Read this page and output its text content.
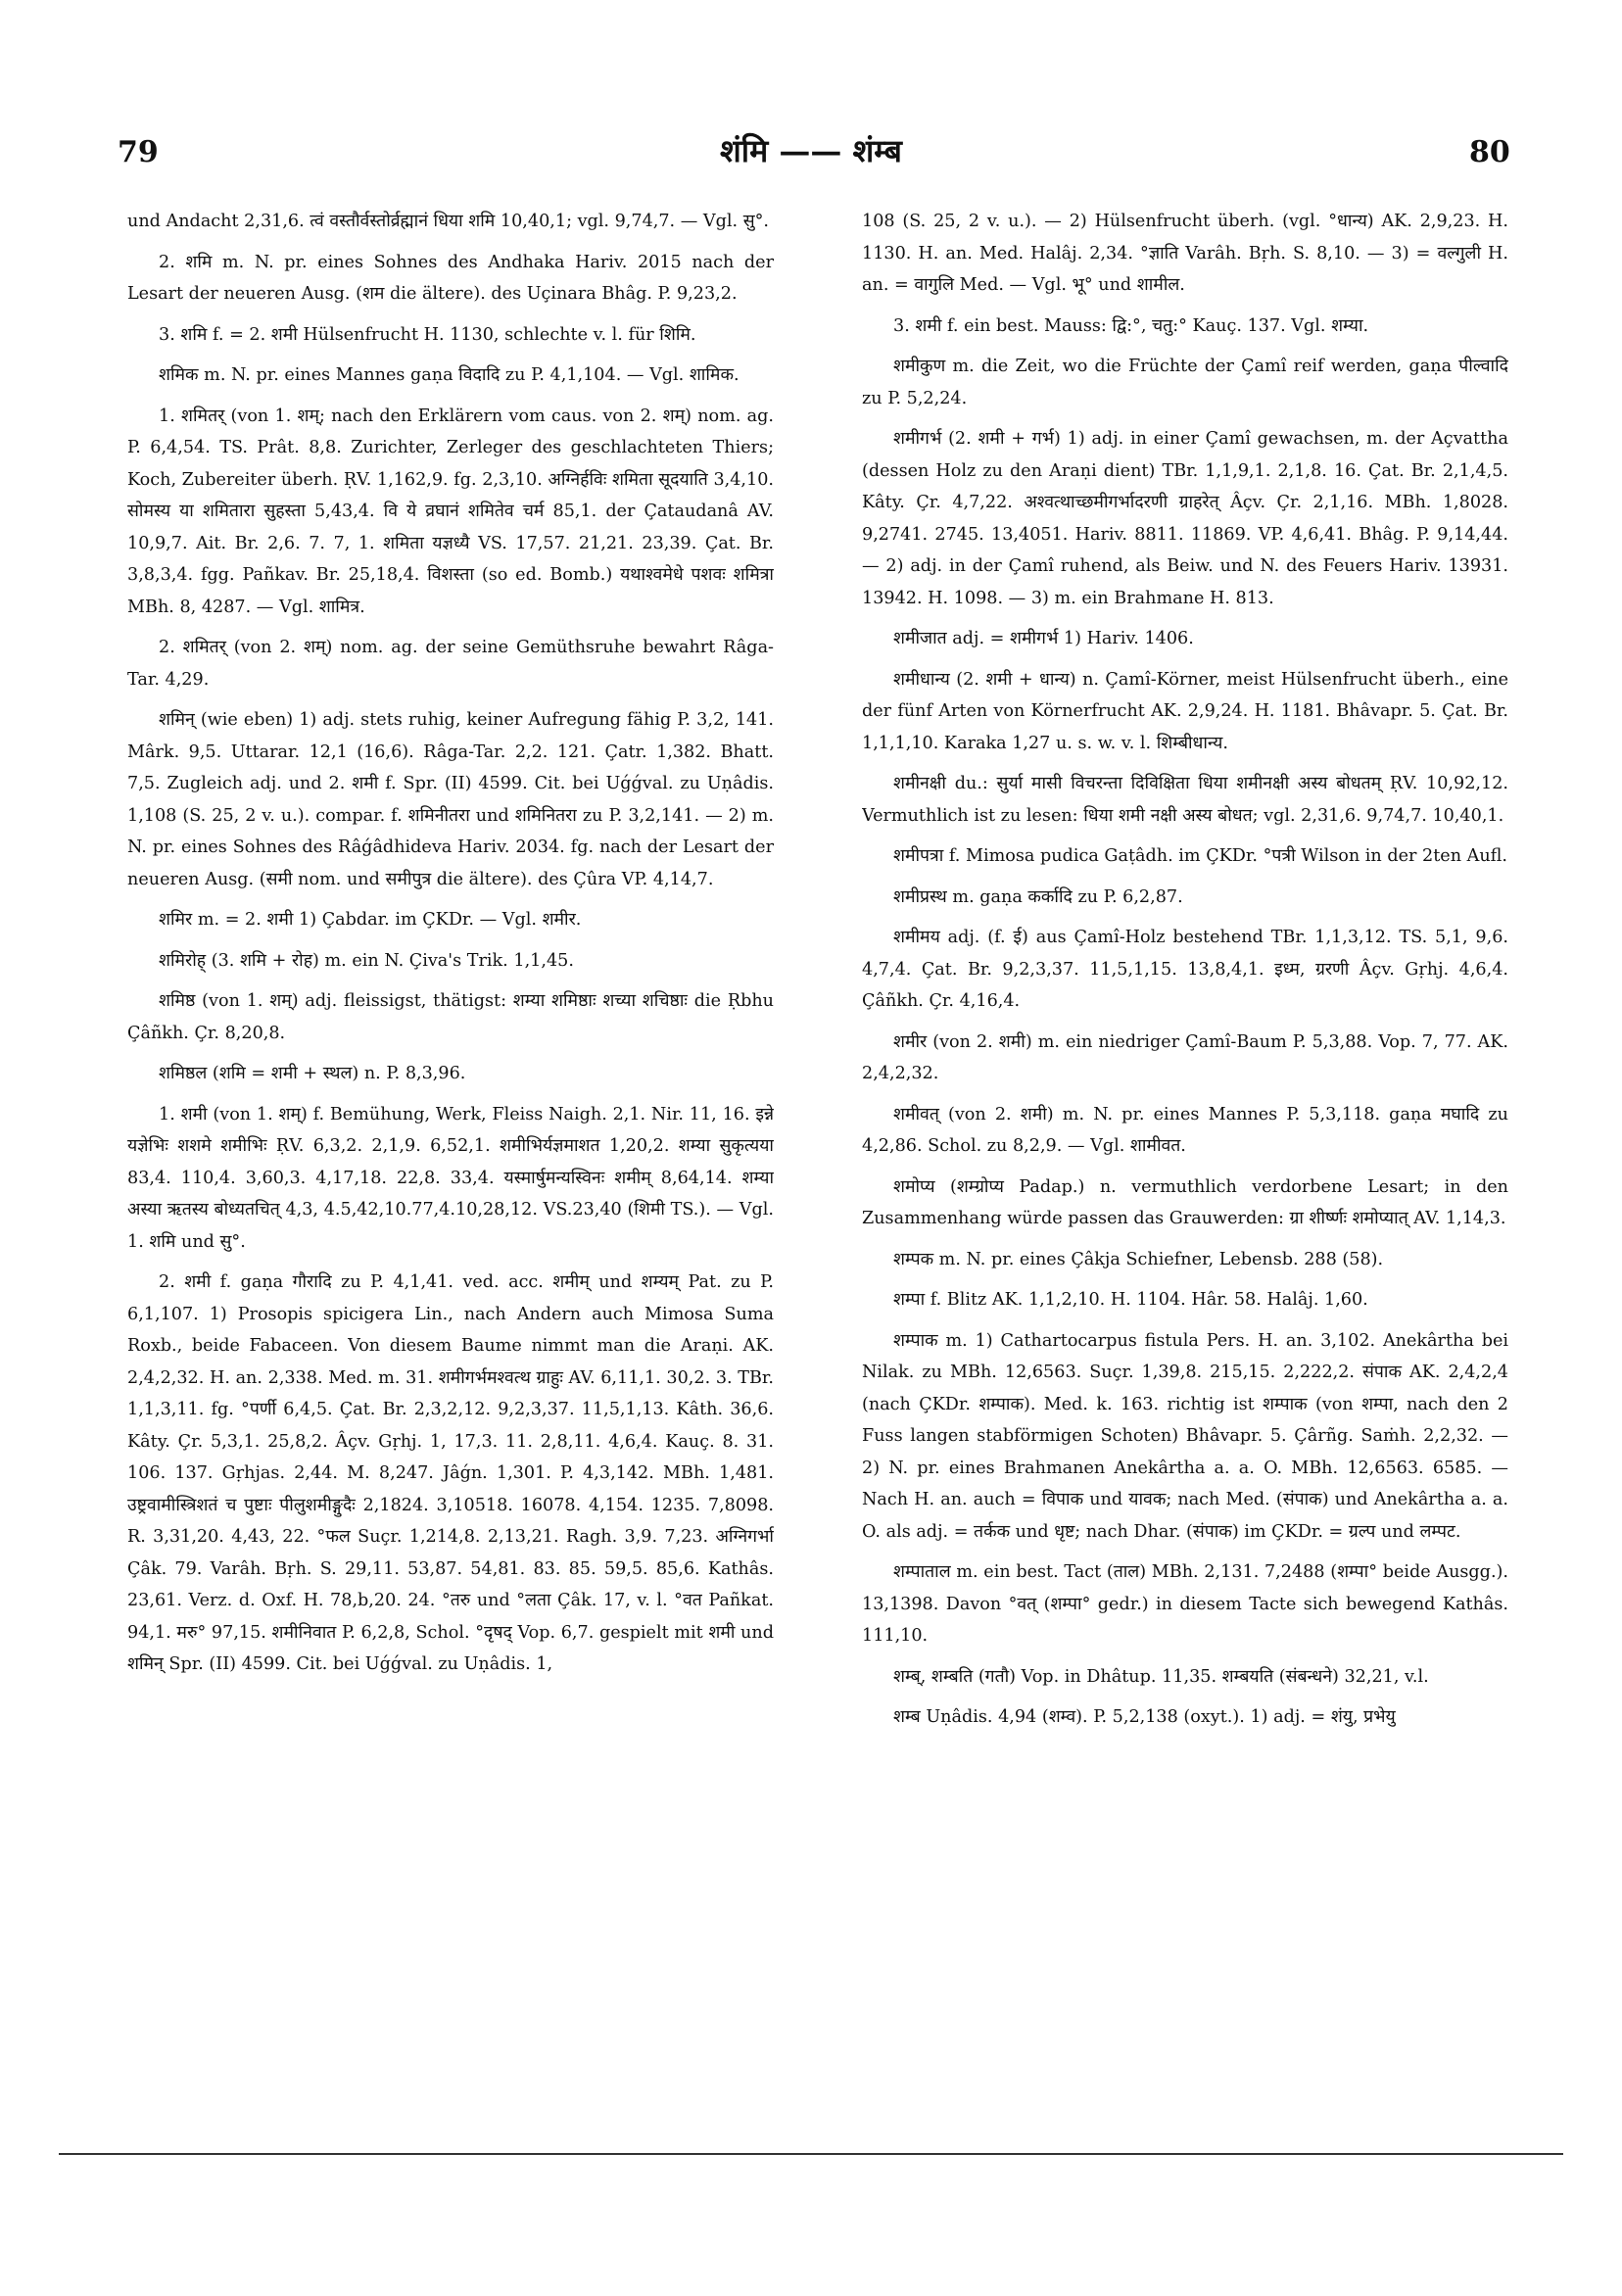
79	शंमि —— शंम्ब	80

und Andacht 2,31,6. त्वं वस्तौर्वस्तोर्व्रह्मानं धिया शमि 10,40,1; vgl. 9,74,7. — Vgl. सु°.

2. शमि m. N. pr. eines Sohnes des Andhaka Hariv. 2015 nach der Lesart der neueren Ausg. (शम die ältere). des Uçinara Bhâg. P. 9,23,2.

3. शमि f. = 2. शमी Hülsenfrucht H. 1130, schlechte v. l. für शिमि.

शमिक m. N. pr. eines Mannes gaṇa विदादि zu P. 4,1,104. — Vgl. शामिक.

1. शमितर् (von 1. शम्; nach den Erklärern vom caus. von 2. शम्) nom. ag. P. 6,4,54. TS. Prât. 8,8. Zurichter, Zerleger des geschlachteten Thiers; Koch, Zubereiter überh. ṚV. 1,162,9. fg. 2,3,10. अग्निर्हविः शमिता सूदयाति 3,4,10. सोमस्य या शमितारा सुहस्ता 5,43,4. वि ये व्रघानं शमितेव चर्म 85,1. der Çataudanâ AV. 10,9,7. Ait. Br. 2,6. 7. 7, 1. शमिता यज्ञध्यै VS. 17,57. 21,21. 23,39. Çat. Br. 3,8,3,4. fgg. Pañkav. Br. 25,18,4. विशस्ता (so ed. Bomb.) यथाश्वमेधे पशवः शमित्रा MBh. 8, 4287. — Vgl. शामित्र.

2. शमितर् (von 2. शम्) nom. ag. der seine Gemüthsruhe bewahrt Râga-Tar. 4,29.

शमिन् (wie eben) 1) adj. stets ruhig, keiner Aufregung fähig P. 3,2, 141. Mârk. 9,5. Uttarar. 12,1 (16,6). Râga-Tar. 2,2. 121. Çatr. 1,382. Bhatt. 7,5. Zugleich adj. und 2. शमी f. Spr. (II) 4599. Cit. bei Uǵǵval. zu Uṇâdis. 1,108 (S. 25, 2 v. u.). compar. f. शमिनीतरा und शमिनितरा zu P. 3,2,141. — 2) m. N. pr. eines Sohnes des Râǵâdhideva Hariv. 2034. fg. nach der Lesart der neueren Ausg. (समी nom. und समीपुत्र die ältere). des Çûra VP. 4,14,7.

शमिर m. = 2. शमी 1) Çabdar. im ÇKDr. — Vgl. शमीर.

शमिरोह् (3. शमि + रोह) m. ein N. Çiva's Trik. 1,1,45.

शमिष्ठ (von 1. शम्) adj. fleissigst, thätigst: शम्या शमिष्ठाः शच्या शचिष्ठाः die Ṛbhu Çâñkh. Çr. 8,20,8.

शमिष्ठल (शमि = शमी + स्थल) n. P. 8,3,96.

1. शमी (von 1. शम्) f. Bemühung, Werk, Fleiss Naigh. 2,1. Nir. 11, 16. इन्ने यज्ञेभिः शशमे शमीभिः ṚV. 6,3,2. 2,1,9. 6,52,1. शमीभिर्यज्ञमाशत 1,20,2. शम्या सुकृत्यया 83,4. 110,4. 3,60,3. 4,17,18. 22,8. 33,4. यस्मार्षुमन्यस्विनः शमीम् 8,64,14. शम्या अस्या ऋतस्य बोध्यतचित् 4,3, 4.5,42,10.77,4.10,28,12. VS.23,40 (शिमी TS.). — Vgl. 1. शमि und सु°.

2. शमी f. gaṇa गौरादि zu P. 4,1,41. ved. acc. शमीम् und शम्यम् Pat. zu P. 6,1,107. 1) Prosopis spicigera Lin., nach Andern auch Mimosa Suma Roxb., beide Fabaceen. Von diesem Baume nimmt man die Araṇi. AK. 2,4,2,32. H. an. 2,338. Med. m. 31. शमीगर्भमश्वत्थ ग्राहुः AV. 6,11,1. 30,2. 3. TBr. 1,1,3,11. fg. °पर्णी 6,4,5. Çat. Br. 2,3,2,12. 9,2,3,37. 11,5,1,13. Kâth. 36,6. Kâty. Çr. 5,3,1. 25,8,2. Âçv. Gṛhj. 1, 17,3. 11. 2,8,11. 4,6,4. Kauç. 8. 31. 106. 137. Gṛhjas. 2,44. M. 8,247. Jâǵn. 1,301. P. 4,3,142. MBh. 1,481. उष्ट्रवामीस्त्रिशतं च पुष्टाः पीलुशमीङ्गुदैः 2,1824. 3,10518. 16078. 4,154. 1235. 7,8098. R. 3,31,20. 4,43, 22. °फल Suçr. 1,214,8. 2,13,21. Ragh. 3,9. 7,23. अग्निगर्भा Çâk. 79. Varâh. Bṛh. S. 29,11. 53,87. 54,81. 83. 85. 59,5. 85,6. Kathâs. 23,61. Verz. d. Oxf. H. 78,b,20. 24. °तरु und °लता Çâk. 17, v. l. °वत Pañkat. 94,1. मरु° 97,15. शमीनिवात P. 6,2,8, Schol. °दृषद् Vop. 6,7. gespielt mit शमी und शमिन् Spr. (II) 4599. Cit. bei Uǵǵval. zu Uṇâdis. 1,

108 (S. 25, 2 v. u.). — 2) Hülsenfrucht überh. (vgl. °धान्य) AK. 2,9,23. H. 1130. H. an. Med. Halâj. 2,34. °ज्ञाति Varâh. Bṛh. S. 8,10. — 3) = वल्गुली H. an. = वागुलि Med. — Vgl. भू° und शामील.

3. शमी f. ein best. Mauss: द्वि:°, चतु:° Kauç. 137. Vgl. शम्या.

शमीकुण m. die Zeit, wo die Früchte der Çamî reif werden, gaṇa पील्वादि zu P. 5,2,24.

शमीगर्भ (2. शमी + गर्भ) 1) adj. in einer Çamî gewachsen, m. der Açvattha (dessen Holz zu den Araṇi dient) TBr. 1,1,9,1. 2,1,8. 16. Çat. Br. 2,1,4,5. Kâty. Çr. 4,7,22. अश्वत्थाच्छमीगर्भादरणी ग्राहरेत् Âçv. Çr. 2,1,16. MBh. 1,8028. 9,2741. 2745. 13,4051. Hariv. 8811. 11869. VP. 4,6,41. Bhâg. P. 9,14,44. — 2) adj. in der Çamî ruhend, als Beiw. und N. des Feuers Hariv. 13931. 13942. H. 1098. — 3) m. ein Brahmane H. 813.

शमीजात adj. = शमीगर्भ 1) Hariv. 1406.

शमीधान्य (2. शमी + धान्य) n. Çamî-Körner, meist Hülsenfrucht überh., eine der fünf Arten von Körnerfrucht AK. 2,9,24. H. 1181. Bhâvapr. 5. Çat. Br. 1,1,1,10. Karaka 1,27 u. s. w. v. l. शिम्बीधान्य.

शमीनक्षी du.: सुर्या मासी विचरन्ता दिविक्षिता धिया शमीनक्षी अस्य बोधतम् ṚV. 10,92,12. Vermuthlich ist zu lesen: धिया शमी नक्षी अस्य बोधत; vgl. 2,31,6. 9,74,7. 10,40,1.

शमीपत्रा f. Mimosa pudica Gaṭâdh. im ÇKDr. °पत्री Wilson in der 2ten Aufl.

शमीप्रस्थ m. gaṇa कर्कादि zu P. 6,2,87.

शमीमय adj. (f. ई) aus Çamî-Holz bestehend TBr. 1,1,3,12. TS. 5,1, 9,6. 4,7,4. Çat. Br. 9,2,3,37. 11,5,1,15. 13,8,4,1. इध्म, ग्ररणी Âçv. Gṛhj. 4,6,4. Çâñkh. Çr. 4,16,4.

शमीर (von 2. शमी) m. ein niedriger Çamî-Baum P. 5,3,88. Vop. 7, 77. AK. 2,4,2,32.

शमीवत् (von 2. शमी) m. N. pr. eines Mannes P. 5,3,118. gaṇa मघादि zu 4,2,86. Schol. zu 8,2,9. — Vgl. शामीवत.

शमोप्य (शम्ग्रोप्य Padap.) n. vermuthlich verdorbene Lesart; in den Zusammenhang würde passen das Grauwerden: ग्रा शीर्ष्णः शमोप्यात् AV. 1,14,3.

शम्पक m. N. pr. eines Çâkja Schiefner, Lebensb. 288 (58).

शम्पा f. Blitz AK. 1,1,2,10. H. 1104. Hâr. 58. Halâj. 1,60.

शम्पाक m. 1) Cathartocarpus fistula Pers. H. an. 3,102. Anekârtha bei Nilak. zu MBh. 12,6563. Suçr. 1,39,8. 215,15. 2,222,2. संपाक AK. 2,4,2,4 (nach ÇKDr. शम्पाक). Med. k. 163. richtig ist शम्पाक (von शम्पा, nach den 2 Fuss langen stabförmigen Schoten) Bhâvapr. 5. Çârñg. Saṁh. 2,2,32. — 2) N. pr. eines Brahmanen Anekârtha a. a. O. MBh. 12,6563. 6585. — Nach H. an. auch = विपाक und यावक; nach Med. (संपाक) und Anekârtha a. a. O. als adj. = तर्कक und धृष्ट; nach Dhar. (संपाक) im ÇKDr. = ग्रल्प und लम्पट.

शम्पाताल m. ein best. Tact (ताल) MBh. 2,131. 7,2488 (शम्पा° beide Ausgg.). 13,1398. Davon °वत् (शम्पा° gedr.) in diesem Tacte sich bewegend Kathâs. 111,10.

शम्ब्, शम्बति (गतौ) Vop. in Dhâtup. 11,35. शम्बयति (संबन्धने) 32,21, v.l.

शम्ब Uṇâdis. 4,94 (शम्व). P. 5,2,138 (oxyt.). 1) adj. = शंयु, प्रभेयु
